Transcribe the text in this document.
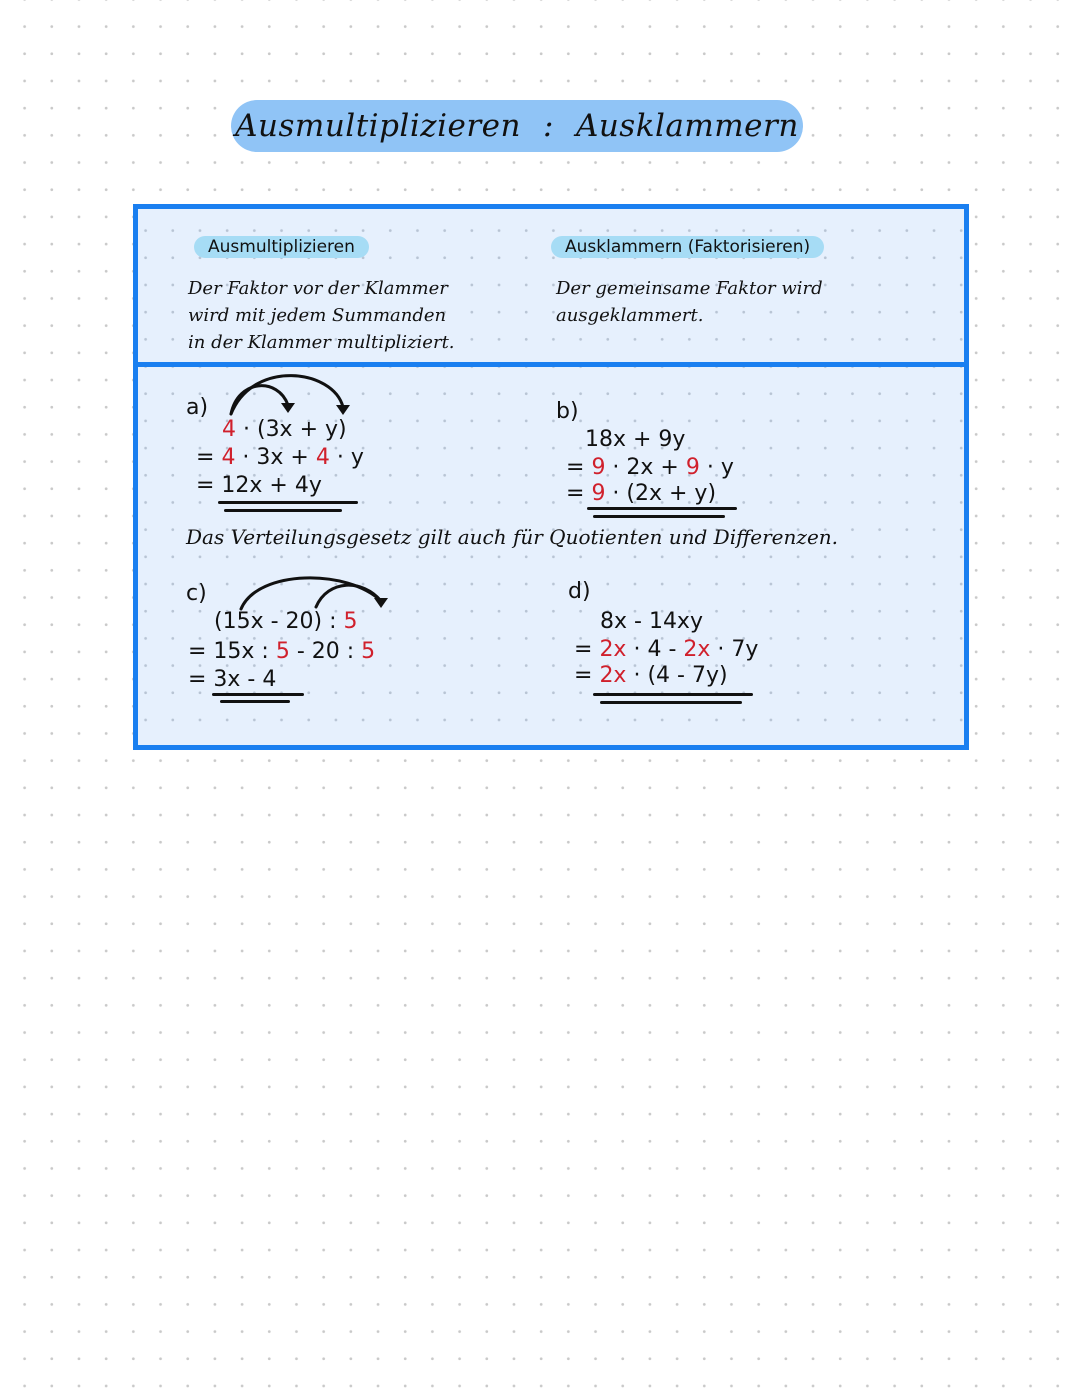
Ausmultiplizieren : Ausklammern
Ausmultiplizieren
Der Faktor vor der Klammer
wird mit jedem Summanden
in der Klammer multipliziert.
Ausklammern (Faktorisieren)
Der gemeinsame Faktor wird
ausgeklammert.
a)
4 · (3x + y)
= 4 · 3x + 4 · y
= 12x + 4y
b)
18x + 9y
= 9 · 2x + 9 · y
= 9 · (2x + y)
Das Verteilungsgesetz gilt auch für Quotienten und Differenzen.
c)
(15x - 20) : 5
= 15x : 5 - 20 : 5
= 3x - 4
d)
8x - 14xy
= 2x · 4 - 2x · 7y
= 2x · (4 - 7y)
